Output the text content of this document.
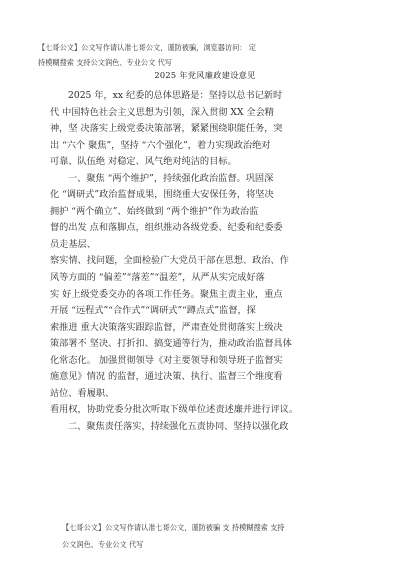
【七哥公文】公文写作请认准七哥公文，谨防被骗，浏览器访问： 定
持模糊搜索 支持公文润色、专业公文 代写
2025 年党风廉政建设意见
2025 年，xx 纪委的总体思路是：坚持以总书记新时
代 中国特色社会主义思想为引领，深入贯彻 XX 全会精
神，坚 决落实上级党委决策部署，紧紧围绕职能任务，突
出 “六个 聚焦”，坚持 “六个强化”，着力实现政治绝对
可靠、队伍绝 对稳定、风气绝对纯洁的目标。
一、聚焦 “两个维护”，持续强化政治监督。巩固深
化 “调研式”政治监督成果，围绕重大安保任务，将坚决
拥护 “两个确立”、始终做到 “两个维护”作为政治监
督的出发 点和落脚点，组织推动各级党委、纪委和纪委委
员走基层、
察实情、找问题，全面检验广大党员干部在思想、政治、作
风等方面的 “偏差”“落差”“温差”，从严从实完成好落
实 好上级党委交办的各项工作任务。聚焦主责主业，重点
开展 “远程式”“合作式”“调研式”“蹲点式”监督，探
索推进 重大决策落实跟踪监督，严肃查处贯彻落实上级决
策部署不 坚决、打折扣、搞变通等行为，推动政治监督具体
化常态化。 加强贯彻领导《对主要领导和领导班子监督实
施意见》情况 的监督，通过决策、执行、监督三个维度看
站位、看履职、
看用权，协助党委分批次听取下级单位述责述廉并进行评议。
二、聚焦责任落实，持续强化五责协同、坚持以强化政
【七哥公文】公文写作请认准七哥公文，谨防被骗 支 持模糊搜索 支持
公文润色、专业公文 代写
